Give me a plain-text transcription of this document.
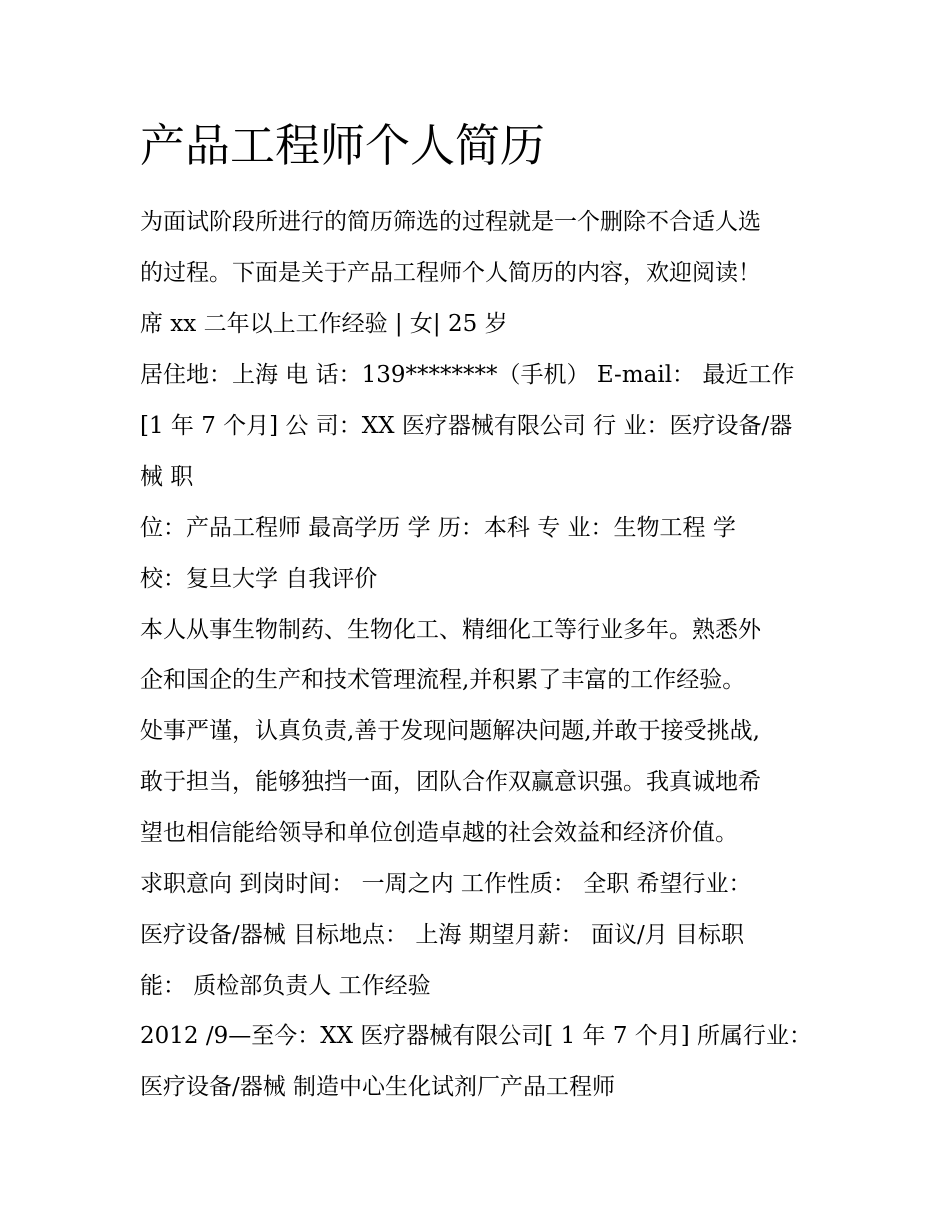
产品工程师个人简历
为面试阶段所进行的简历筛选的过程就是一个删除不合适人选
的过程。下面是关于产品工程师个人简历的内容，欢迎阅读！
席 xx 二年以上工作经验 | 女| 25 岁
居住地：上海 电 话：139********（手机） E-mail： 最近工作
[1 年 7 个月] 公 司：XX 医疗器械有限公司 行 业：医疗设备/器
械 职
位：产品工程师 最高学历 学 历：本科 专 业：生物工程 学
校：复旦大学 自我评价
本人从事生物制药、生物化工、精细化工等行业多年。熟悉外
企和国企的生产和技术管理流程,并积累了丰富的工作经验。
处事严谨，认真负责,善于发现问题解决问题,并敢于接受挑战,
敢于担当，能够独挡一面，团队合作双赢意识强。我真诚地希
望也相信能给领导和单位创造卓越的社会效益和经济价值。
求职意向 到岗时间： 一周之内 工作性质： 全职 希望行业：
医疗设备/器械 目标地点： 上海 期望月薪： 面议/月 目标职
能： 质检部负责人 工作经验
2012 /9—至今：XX 医疗器械有限公司[ 1 年 7 个月] 所属行业：
医疗设备/器械 制造中心生化试剂厂产品工程师
